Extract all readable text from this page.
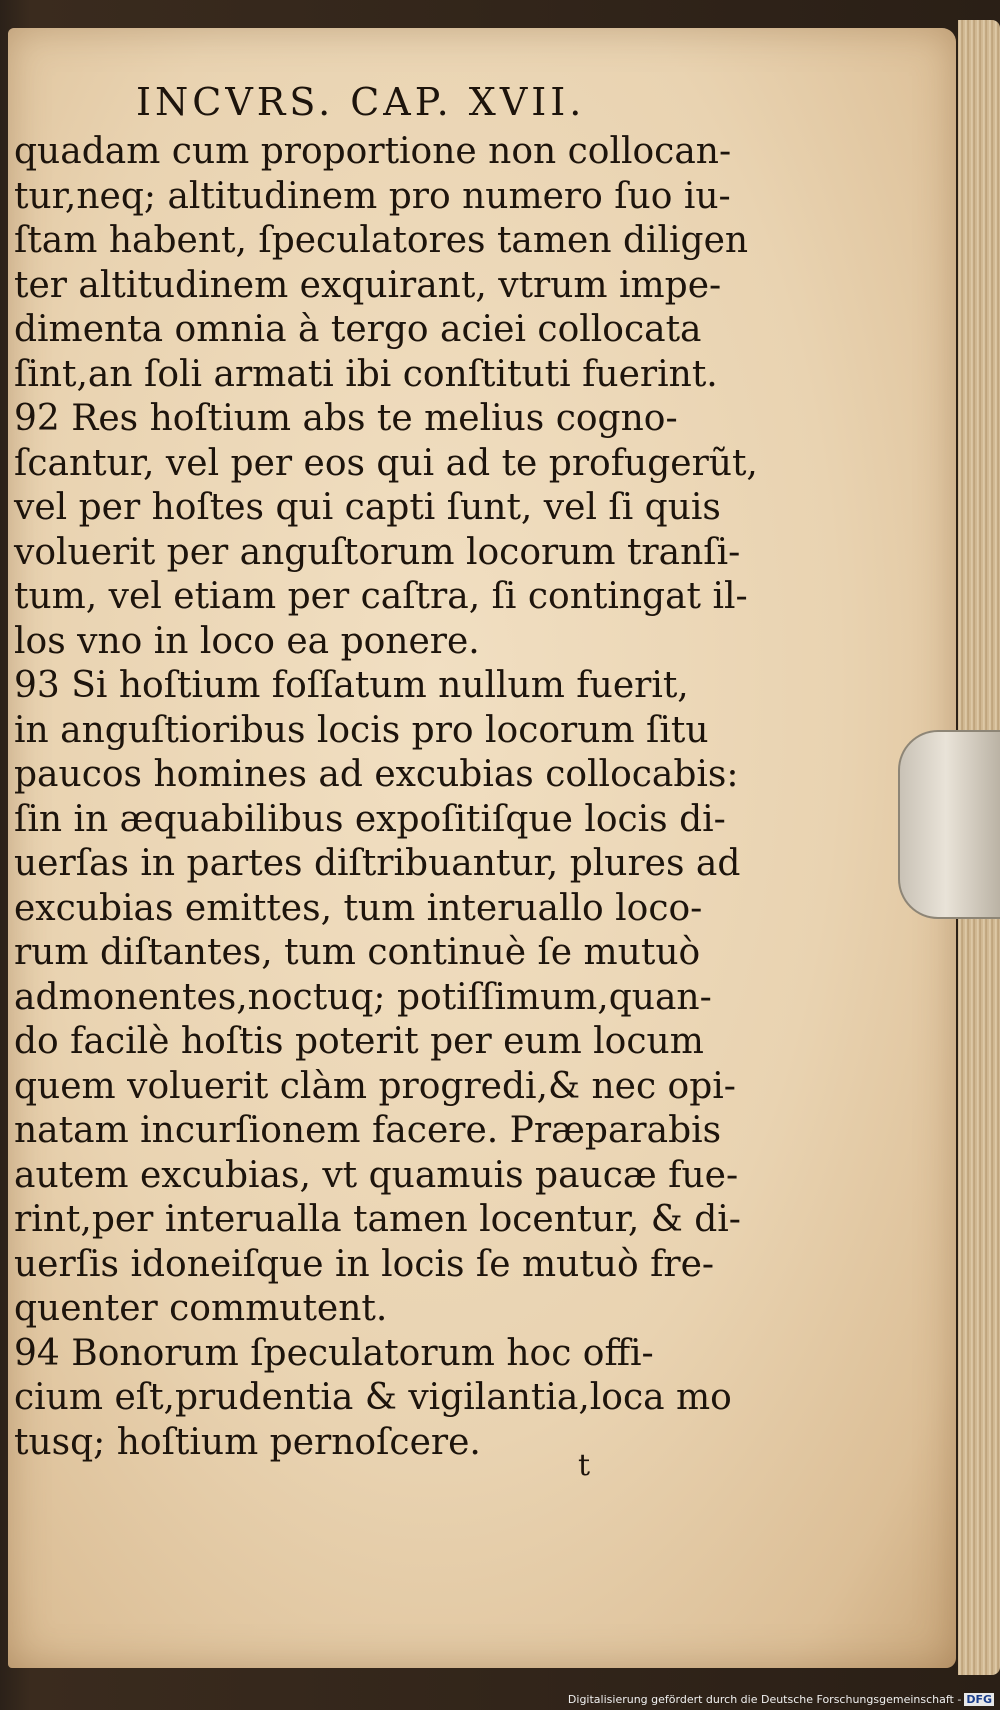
INCVRS. CAP. XVII.
quadam cum proportione non collocan-
tur,neq; altitudinem pro numero ſuo iu-
ſtam habent, ſpeculatores tamen diligen
ter altitudinem exquirant, vtrum impe-
dimenta omnia à tergo aciei collocata
ſint,an ſoli armati ibi conſtituti fuerint.
92 Res hoſtium abs te melius cogno-
ſcantur, vel per eos qui ad te profugerũt,
vel per hoſtes qui capti ſunt, vel ſi quis
voluerit per anguſtorum locorum tranſi-
tum, vel etiam per caſtra, ſi contingat il-
los vno in loco ea ponere.
93 Si hoſtium foſſatum nullum fuerit,
in anguſtioribus locis pro locorum ſitu
paucos homines ad excubias collocabis:
ſin in æquabilibus expoſitiſque locis di-
uerſas in partes diſtribuantur, plures ad
excubias emittes, tum interuallo loco-
rum diſtantes, tum continuè ſe mutuò
admonentes,noctuq; potiſſimum,quan-
do facilè hoſtis poterit per eum locum
quem voluerit clàm progredi,& nec opi-
natam incurſionem facere. Præparabis
autem excubias, vt quamuis paucæ fue-
rint,per interualla tamen locentur, & di-
uerſis idoneiſque in locis ſe mutuò fre-
quenter commutent.
94 Bonorum ſpeculatorum hoc offi-
cium eſt,prudentia & vigilantia,loca mo
tusq; hoſtium pernoſcere.
t
Digitalisierung gefördert durch die Deutsche Forschungsgemeinschaft - DFG
